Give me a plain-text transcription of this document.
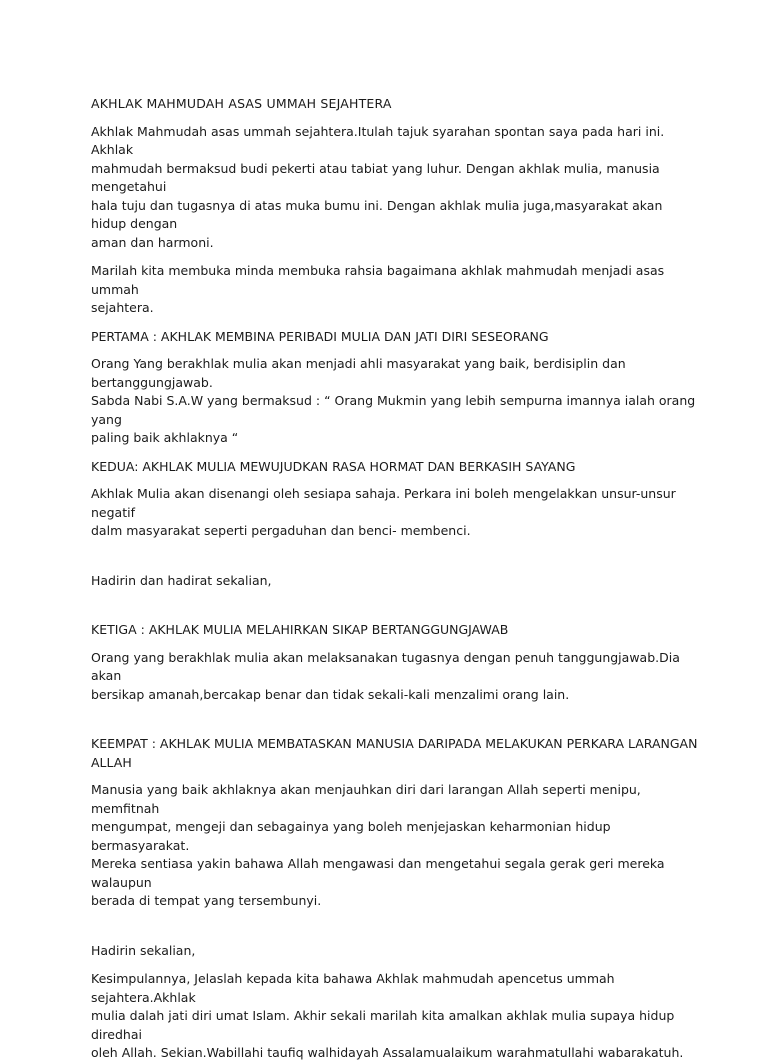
AKHLAK MAHMUDAH ASAS UMMAH SEJAHTERA
Akhlak Mahmudah asas ummah sejahtera.Itulah tajuk syarahan spontan saya pada hari ini. Akhlak
mahmudah bermaksud budi pekerti atau tabiat yang luhur. Dengan akhlak mulia, manusia mengetahui
hala tuju dan tugasnya di atas muka bumu ini. Dengan akhlak mulia juga,masyarakat akan hidup dengan
aman dan harmoni.
Marilah kita membuka minda membuka rahsia bagaimana akhlak mahmudah menjadi asas ummah
sejahtera.
PERTAMA : AKHLAK MEMBINA PERIBADI MULIA DAN JATI DIRI SESEORANG
Orang Yang berakhlak mulia akan menjadi ahli masyarakat yang baik, berdisiplin dan bertanggungjawab.
Sabda Nabi S.A.W yang bermaksud : “ Orang Mukmin yang lebih sempurna imannya ialah orang yang
paling baik akhlaknya “
KEDUA: AKHLAK MULIA MEWUJUDKAN RASA HORMAT DAN BERKASIH SAYANG
Akhlak Mulia akan disenangi oleh sesiapa sahaja. Perkara ini boleh mengelakkan unsur-unsur negatif
dalm masyarakat seperti pergaduhan dan benci- membenci.
Hadirin dan hadirat sekalian,
KETIGA : AKHLAK MULIA MELAHIRKAN SIKAP BERTANGGUNGJAWAB
Orang yang berakhlak mulia akan melaksanakan tugasnya dengan penuh tanggungjawab.Dia akan
bersikap amanah,bercakap benar dan tidak sekali-kali menzalimi orang lain.
KEEMPAT : AKHLAK MULIA MEMBATASKAN MANUSIA DARIPADA MELAKUKAN PERKARA LARANGAN
ALLAH
Manusia yang baik akhlaknya akan menjauhkan diri dari larangan Allah seperti menipu, memfitnah
mengumpat, mengeji dan sebagainya yang boleh menjejaskan keharmonian hidup bermasyarakat.
Mereka sentiasa yakin bahawa Allah mengawasi dan mengetahui segala gerak geri mereka walaupun
berada di tempat yang tersembunyi.
Hadirin sekalian,
Kesimpulannya, Jelaslah kepada kita bahawa Akhlak mahmudah apencetus ummah sejahtera.Akhlak
mulia dalah jati diri umat Islam. Akhir sekali marilah kita amalkan akhlak mulia supaya hidup diredhai
oleh Allah. Sekian.Wabillahi taufiq walhidayah Assalamualaikum warahmatullahi wabarakatuh.
